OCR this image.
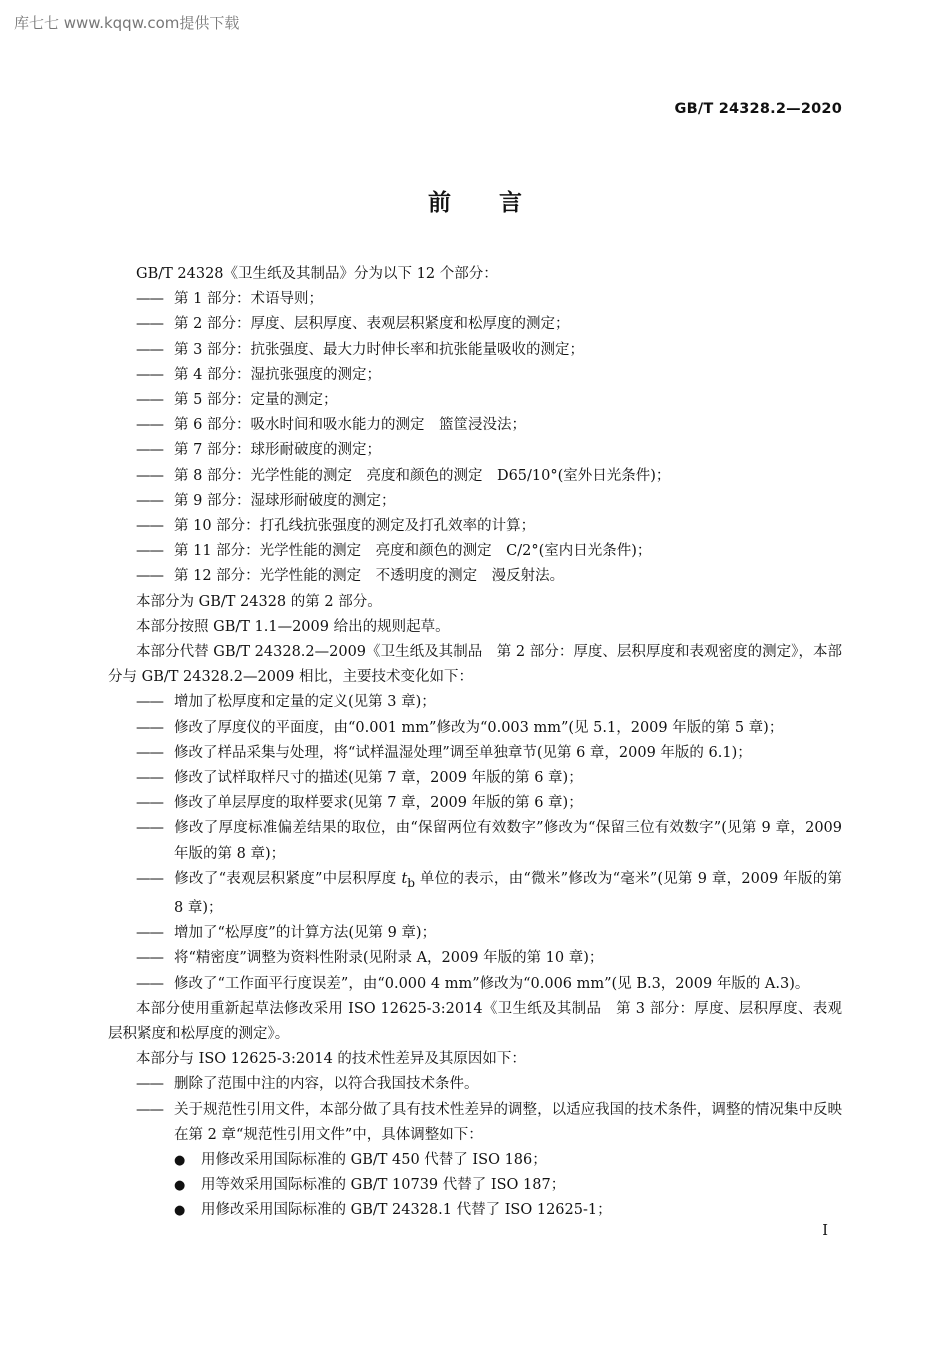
库七七 www.kqqw.com提供下载
GB/T 24328.2—2020
前言

GB/T 24328《卫生纸及其制品》分为以下 12 个部分：

—— 第 1 部分：术语导则；

—— 第 2 部分：厚度、层积厚度、表观层积紧度和松厚度的测定；

—— 第 3 部分：抗张强度、最大力时伸长率和抗张能量吸收的测定；

—— 第 4 部分：湿抗张强度的测定；

—— 第 5 部分：定量的测定；

—— 第 6 部分：吸水时间和吸水能力的测定　篮筐浸没法；

—— 第 7 部分：球形耐破度的测定；

—— 第 8 部分：光学性能的测定　亮度和颜色的测定　D65/10°(室外日光条件)；

—— 第 9 部分：湿球形耐破度的测定；

—— 第 10 部分：打孔线抗张强度的测定及打孔效率的计算；

—— 第 11 部分：光学性能的测定　亮度和颜色的测定　C/2°(室内日光条件)；

—— 第 12 部分：光学性能的测定　不透明度的测定　漫反射法。

本部分为 GB/T 24328 的第 2 部分。

本部分按照 GB/T 1.1—2009 给出的规则起草。

本部分代替 GB/T 24328.2—2009《卫生纸及其制品　第 2 部分：厚度、层积厚度和表观密度的测定》，本部分与 GB/T 24328.2—2009 相比，主要技术变化如下：

—— 增加了松厚度和定量的定义(见第 3 章)；

—— 修改了厚度仪的平面度，由“0.001 mm”修改为“0.003 mm”(见 5.1，2009 年版的第 5 章)；

—— 修改了样品采集与处理，将“试样温湿处理”调至单独章节(见第 6 章，2009 年版的 6.1)；

—— 修改了试样取样尺寸的描述(见第 7 章，2009 年版的第 6 章)；

—— 修改了单层厚度的取样要求(见第 7 章，2009 年版的第 6 章)；

—— 修改了厚度标准偏差结果的取位，由“保留两位有效数字”修改为“保留三位有效数字”(见第 9 章，2009 年版的第 8 章)；

—— 修改了“表观层积紧度”中层积厚度 $t_b$ 单位的表示，由“微米”修改为“毫米”(见第 9 章，2009 年版的第 8 章)；

—— 增加了“松厚度”的计算方法(见第 9 章)；

—— 将“精密度”调整为资料性附录(见附录 A，2009 年版的第 10 章)；

—— 修改了“工作面平行度误差”，由“0.000 4 mm”修改为“0.006 mm”(见 B.3，2009 年版的 A.3)。

本部分使用重新起草法修改采用 ISO 12625-3:2014《卫生纸及其制品　第 3 部分：厚度、层积厚度、表观层积紧度和松厚度的测定》。

本部分与 ISO 12625-3:2014 的技术性差异及其原因如下：

—— 删除了范围中注的内容，以符合我国技术条件。

—— 关于规范性引用文件，本部分做了具有技术性差异的调整，以适应我国的技术条件，调整的情况集中反映在第 2 章“规范性引用文件”中，具体调整如下：

● 用修改采用国际标准的 GB/T 450 代替了 ISO 186；

● 用等效采用国际标准的 GB/T 10739 代替了 ISO 187；

● 用修改采用国际标准的 GB/T 24328.1 代替了 ISO 12625-1；

I
